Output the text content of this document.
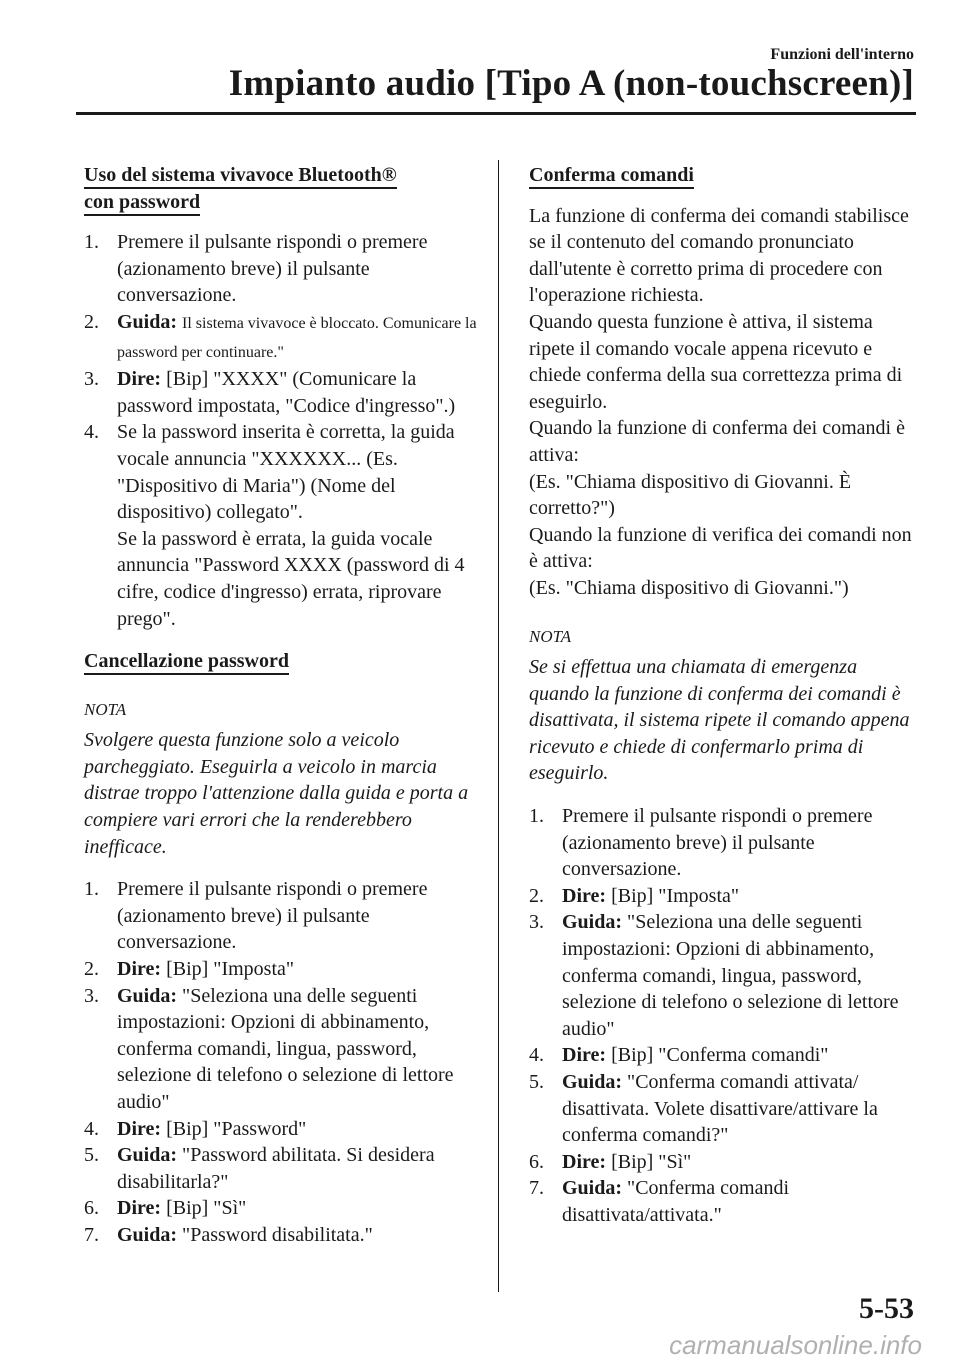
Funzioni dell'interno
Impianto audio [Tipo A (non-touchscreen)]
Uso del sistema vivavoce Bluetooth®
con password
1. Premere il pulsante rispondi o premere (azionamento breve) il pulsante conversazione.
2. Guida: Il sistema vivavoce è bloccato. Comunicare la password per continuare."
3. Dire: [Bip] "XXXX" (Comunicare la password impostata, "Codice d'ingresso".)
4. Se la password inserita è corretta, la guida vocale annuncia "XXXXXX... (Es. "Dispositivo di Maria") (Nome del dispositivo) collegato".
Se la password è errata, la guida vocale annuncia "Password XXXX (password di 4 cifre, codice d'ingresso) errata, riprovare prego".
Cancellazione password
NOTA
Svolgere questa funzione solo a veicolo parcheggiato. Eseguirla a veicolo in marcia distrae troppo l'attenzione dalla guida e porta a compiere vari errori che la renderebbero inefficace.
1. Premere il pulsante rispondi o premere (azionamento breve) il pulsante conversazione.
2. Dire: [Bip] "Imposta"
3. Guida: "Seleziona una delle seguenti impostazioni: Opzioni di abbinamento, conferma comandi, lingua, password, selezione di telefono o selezione di lettore audio"
4. Dire: [Bip] "Password"
5. Guida: "Password abilitata. Si desidera disabilitarla?"
6. Dire: [Bip] "Sì"
7. Guida: "Password disabilitata."
Conferma comandi
La funzione di conferma dei comandi stabilisce se il contenuto del comando pronunciato dall'utente è corretto prima di procedere con l'operazione richiesta.
Quando questa funzione è attiva, il sistema ripete il comando vocale appena ricevuto e chiede conferma della sua correttezza prima di eseguirlo.
Quando la funzione di conferma dei comandi è attiva:
(Es. "Chiama dispositivo di Giovanni. È corretto?")
Quando la funzione di verifica dei comandi non è attiva:
(Es. "Chiama dispositivo di Giovanni.")
NOTA
Se si effettua una chiamata di emergenza quando la funzione di conferma dei comandi è disattivata, il sistema ripete il comando appena ricevuto e chiede di confermarlo prima di eseguirlo.
1. Premere il pulsante rispondi o premere (azionamento breve) il pulsante conversazione.
2. Dire: [Bip] "Imposta"
3. Guida: "Seleziona una delle seguenti impostazioni: Opzioni di abbinamento, conferma comandi, lingua, password, selezione di telefono o selezione di lettore audio"
4. Dire: [Bip] "Conferma comandi"
5. Guida: "Conferma comandi attivata/ disattivata. Volete disattivare/attivare la conferma comandi?"
6. Dire: [Bip] "Sì"
7. Guida: "Conferma comandi disattivata/attivata."
5-53
carmanualsonline.info
